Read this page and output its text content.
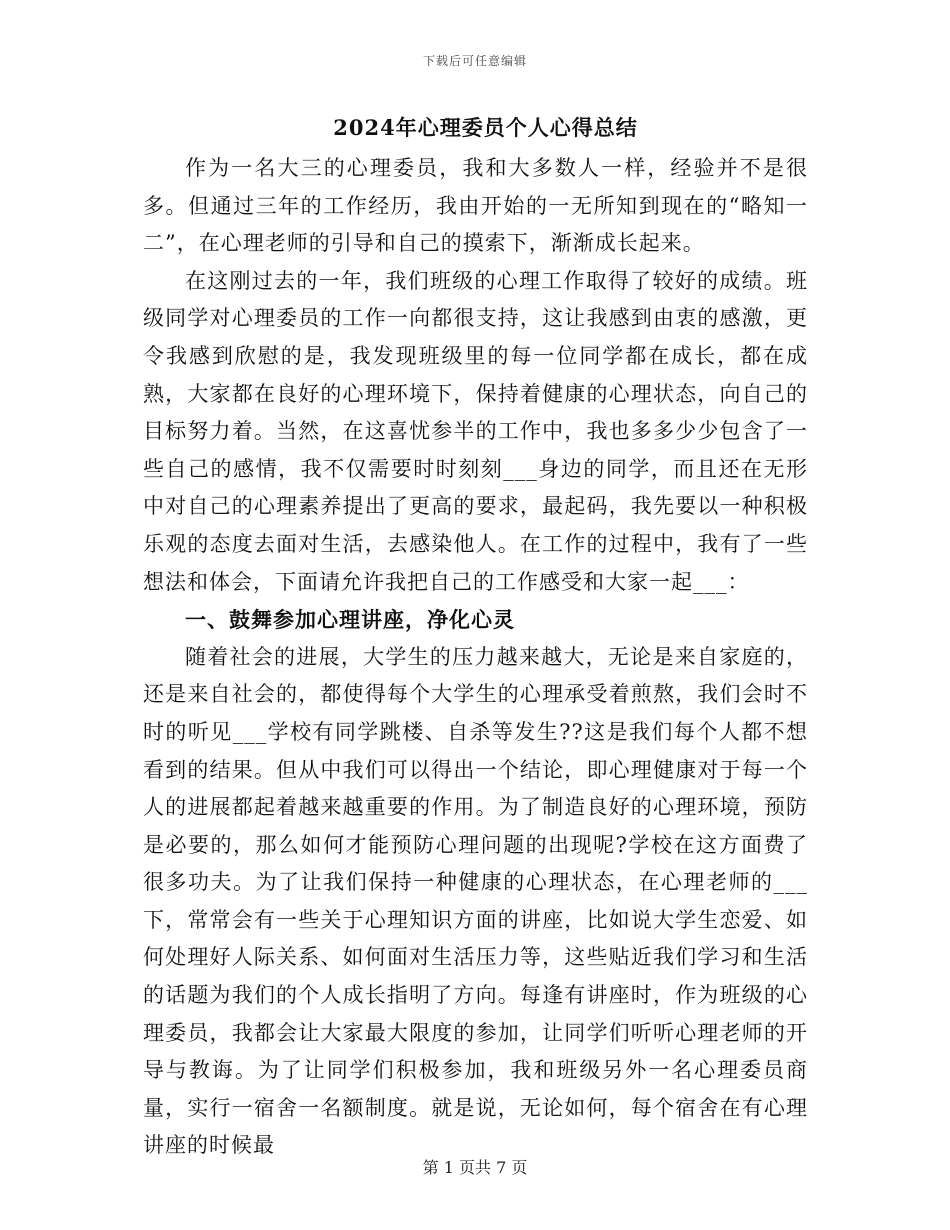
下载后可任意编辑
2024年心理委员个人心得总结

作为一名大三的心理委员，我和大多数人一样，经验并不是很多。但通过三年的工作经历，我由开始的一无所知到现在的“略知一二”，在心理老师的引导和自己的摸索下，渐渐成长起来。

在这刚过去的一年，我们班级的心理工作取得了较好的成绩。班级同学对心理委员的工作一向都很支持，这让我感到由衷的感激，更令我感到欣慰的是，我发现班级里的每一位同学都在成长，都在成熟，大家都在良好的心理环境下，保持着健康的心理状态，向自己的目标努力着。当然，在这喜忧参半的工作中，我也多多少少包含了一些自己的感情，我不仅需要时时刻刻___身边的同学，而且还在无形中对自己的心理素养提出了更高的要求，最起码，我先要以一种积极乐观的态度去面对生活，去感染他人。在工作的过程中，我有了一些想法和体会，下面请允许我把自己的工作感受和大家一起___：

一、鼓舞参加心理讲座，净化心灵

随着社会的进展，大学生的压力越来越大，无论是来自家庭的，还是来自社会的，都使得每个大学生的心理承受着煎熬，我们会时不时的听见___学校有同学跳楼、自杀等发生??这是我们每个人都不想看到的结果。但从中我们可以得出一个结论，即心理健康对于每一个人的进展都起着越来越重要的作用。为了制造良好的心理环境，预防是必要的，那么如何才能预防心理问题的出现呢?学校在这方面费了很多功夫。为了让我们保持一种健康的心理状态，在心理老师的___下，常常会有一些关于心理知识方面的讲座，比如说大学生恋爱、如何处理好人际关系、如何面对生活压力等，这些贴近我们学习和生活的话题为我们的个人成长指明了方向。每逢有讲座时，作为班级的心理委员，我都会让大家最大限度的参加，让同学们听听心理老师的开导与教诲。为了让同学们积极参加，我和班级另外一名心理委员商量，实行一宿舍一名额制度。就是说，无论如何，每个宿舍在有心理讲座的时候最

第 1 页共 7 页
